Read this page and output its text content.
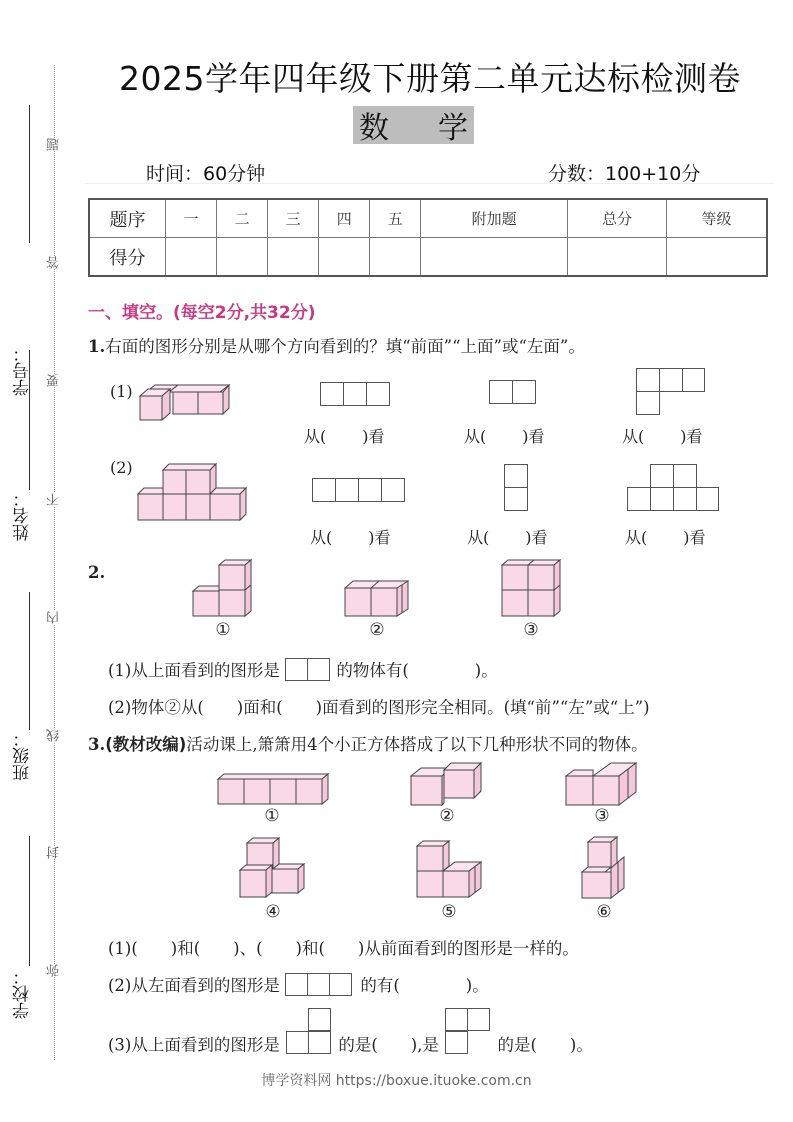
题
答
要
不
内
线
封
弥
学号：
姓名：
班级：
学校：
2025学年四年级下册第二单元达标检测卷
数 学
时间：60分钟	分数：100+10分
题序	一	二	三	四	五	附加题	总分	等级
得分								
一、填空。(每空2分,共32分)
1.右面的图形分别是从哪个方向看到的？填“前面”“上面”或“左面”。
(1)
从( )看	从( )看	从( )看
(2)
从( )看	从( )看	从( )看
2.
①	②	③
(1)从上面看到的图形是	的物体有(　　　　)。
(2)物体②从(　　)面和(　　)面看到的图形完全相同。(填“前”“左”或“上”)
3.(教材改编)活动课上,箫箫用4个小正方体搭成了以下几种形状不同的物体。
①	②	③
④	⑤	⑥
(1)(　　)和(　　)、(　　)和(　　)从前面看到的图形是一样的。
(2)从左面看到的图形是	的有(　　　　)。
(3)从上面看到的图形是	的是(　　),是	的是(　　)。
博学资料网 https://boxue.ituoke.com.cn
